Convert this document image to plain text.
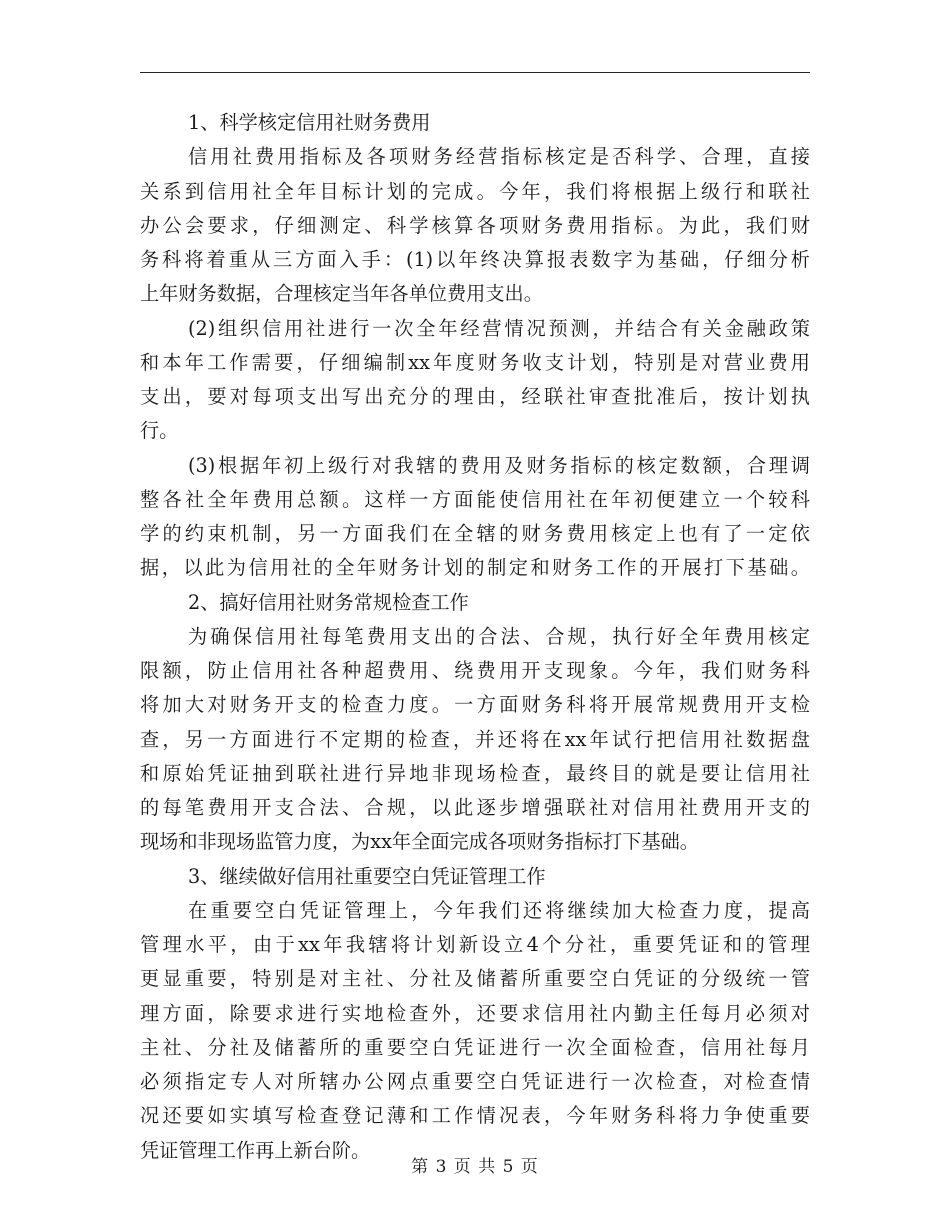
1、科学核定信用社财务费用
信用社费用指标及各项财务经营指标核定是否科学、合理，直接
关系到信用社全年目标计划的完成。今年，我们将根据上级行和联社
办公会要求，仔细测定、科学核算各项财务费用指标。为此，我们财
务科将着重从三方面入手：(1)以年终决算报表数字为基础，仔细分析
上年财务数据，合理核定当年各单位费用支出。
(2)组织信用社进行一次全年经营情况预测，并结合有关金融政策
和本年工作需要，仔细编制xx年度财务收支计划，特别是对营业费用
支出，要对每项支出写出充分的理由，经联社审查批准后，按计划执
行。
(3)根据年初上级行对我辖的费用及财务指标的核定数额，合理调
整各社全年费用总额。这样一方面能使信用社在年初便建立一个较科
学的约束机制，另一方面我们在全辖的财务费用核定上也有了一定依
据，以此为信用社的全年财务计划的制定和财务工作的开展打下基础。
2、搞好信用社财务常规检查工作
为确保信用社每笔费用支出的合法、合规，执行好全年费用核定
限额，防止信用社各种超费用、绕费用开支现象。今年，我们财务科
将加大对财务开支的检查力度。一方面财务科将开展常规费用开支检
查，另一方面进行不定期的检查，并还将在xx年试行把信用社数据盘
和原始凭证抽到联社进行异地非现场检查，最终目的就是要让信用社
的每笔费用开支合法、合规，以此逐步增强联社对信用社费用开支的
现场和非现场监管力度，为xx年全面完成各项财务指标打下基础。
3、继续做好信用社重要空白凭证管理工作
在重要空白凭证管理上，今年我们还将继续加大检查力度，提高
管理水平，由于xx年我辖将计划新设立4个分社，重要凭证和的管理
更显重要，特别是对主社、分社及储蓄所重要空白凭证的分级统一管
理方面，除要求进行实地检查外，还要求信用社内勤主任每月必须对
主社、分社及储蓄所的重要空白凭证进行一次全面检查，信用社每月
必须指定专人对所辖办公网点重要空白凭证进行一次检查，对检查情
况还要如实填写检查登记薄和工作情况表，今年财务科将力争使重要
凭证管理工作再上新台阶。
第 3 页 共 5 页
